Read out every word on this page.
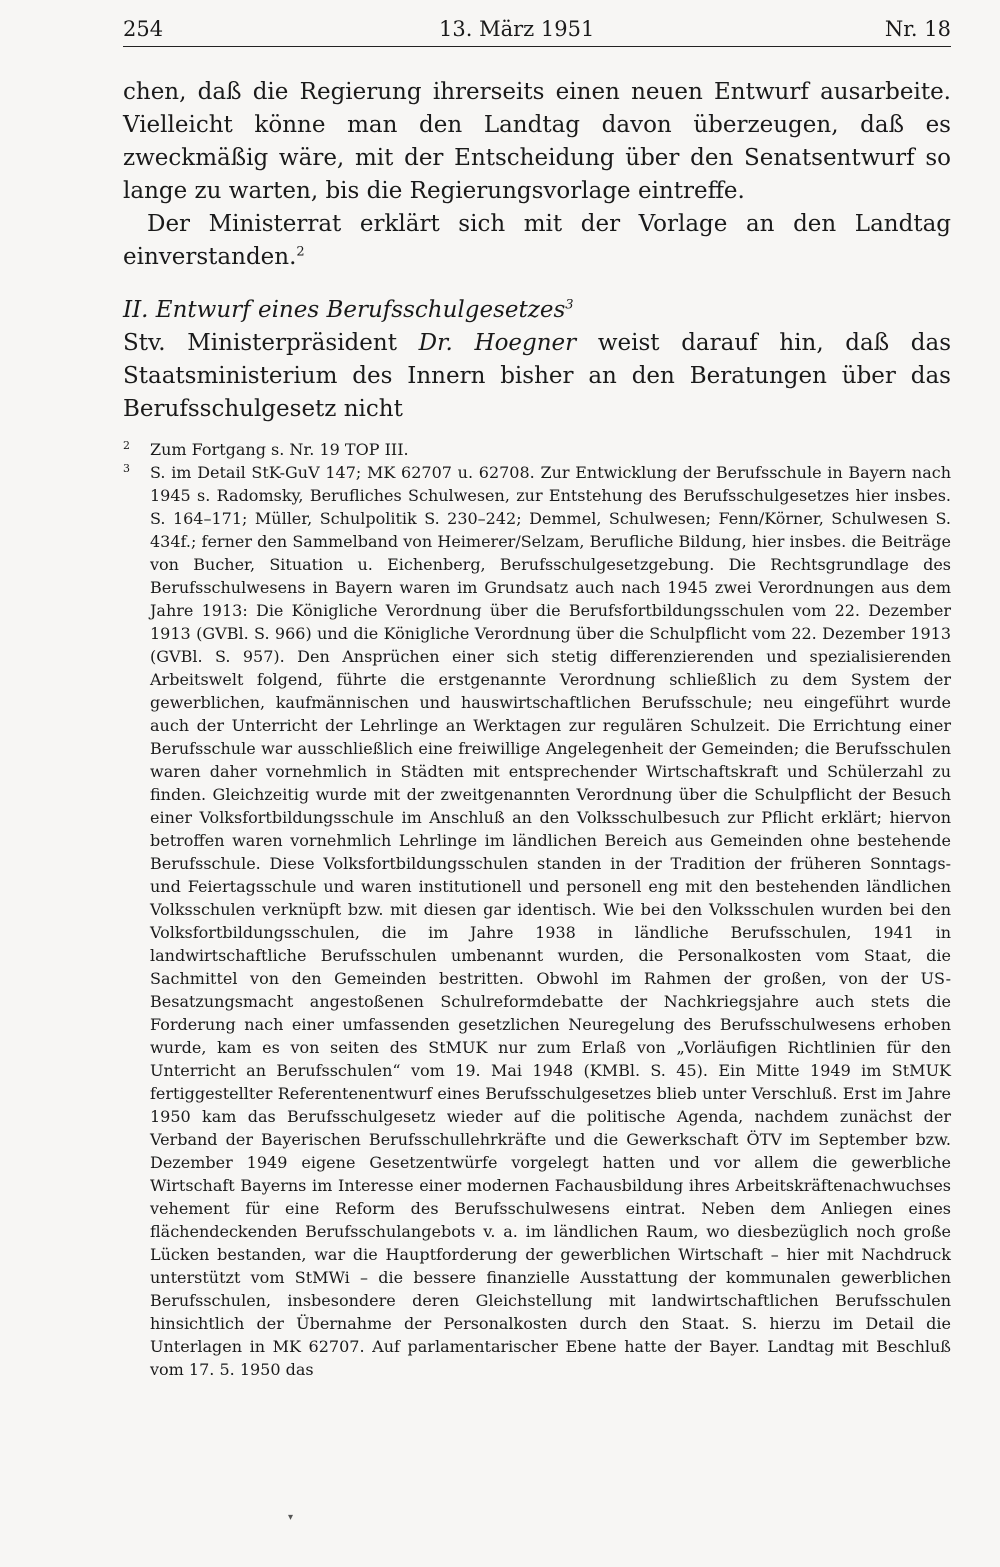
254	13. März 1951	Nr. 18

chen, daß die Regierung ihrerseits einen neuen Entwurf ausarbeite. Vielleicht könne man den Landtag davon überzeugen, daß es zweckmäßig wäre, mit der Entscheidung über den Senatsentwurf so lange zu warten, bis die Regierungsvorlage eintreffe.

Der Ministerrat erklärt sich mit der Vorlage an den Landtag einverstanden.$^2$

II. Entwurf eines Berufsschulgesetzes$^3$

Stv. Ministerpräsident Dr. Hoegner weist darauf hin, daß das Staatsministerium des Innern bisher an den Beratungen über das Berufsschulgesetz nicht

2 Zum Fortgang s. Nr. 19 TOP III.
3 S. im Detail StK-GuV 147; MK 62707 u. 62708. Zur Entwicklung der Berufsschule in Bayern nach 1945 s. Radomsky, Berufliches Schulwesen, zur Entstehung des Berufsschulgesetzes hier insbes. S. 164–171; Müller, Schulpolitik S. 230–242; Demmel, Schulwesen; Fenn/Körner, Schulwesen S. 434f.; ferner den Sammelband von Heimerer/Selzam, Berufliche Bildung, hier insbes. die Beiträge von Bucher, Situation u. Eichenberg, Berufsschulgesetzgebung. Die Rechtsgrundlage des Berufsschulwesens in Bayern waren im Grundsatz auch nach 1945 zwei Verordnungen aus dem Jahre 1913: Die Königliche Verordnung über die Berufsfortbildungsschulen vom 22. Dezember 1913 (GVBl. S. 966) und die Königliche Verordnung über die Schulpflicht vom 22. Dezember 1913 (GVBl. S. 957). Den Ansprüchen einer sich stetig differenzierenden und spezialisierenden Arbeitswelt folgend, führte die erstgenannte Verordnung schließlich zu dem System der gewerblichen, kaufmännischen und hauswirtschaftlichen Berufsschule; neu eingeführt wurde auch der Unterricht der Lehrlinge an Werktagen zur regulären Schulzeit. Die Errichtung einer Berufsschule war ausschließlich eine freiwillige Angelegenheit der Gemeinden; die Berufsschulen waren daher vornehmlich in Städten mit entsprechender Wirtschaftskraft und Schülerzahl zu finden. Gleichzeitig wurde mit der zweitgenannten Verordnung über die Schulpflicht der Besuch einer Volksfortbildungsschule im Anschluß an den Volksschulbesuch zur Pflicht erklärt; hiervon betroffen waren vornehmlich Lehrlinge im ländlichen Bereich aus Gemeinden ohne bestehende Berufsschule. Diese Volksfortbildungsschulen standen in der Tradition der früheren Sonntags- und Feiertagsschule und waren institutionell und personell eng mit den bestehenden ländlichen Volksschulen verknüpft bzw. mit diesen gar identisch. Wie bei den Volksschulen wurden bei den Volksfortbildungsschulen, die im Jahre 1938 in ländliche Berufsschulen, 1941 in landwirtschaftliche Berufsschulen umbenannt wurden, die Personalkosten vom Staat, die Sachmittel von den Gemeinden bestritten. Obwohl im Rahmen der großen, von der US-Besatzungsmacht angestoßenen Schulreformdebatte der Nachkriegsjahre auch stets die Forderung nach einer umfassenden gesetzlichen Neuregelung des Berufsschulwesens erhoben wurde, kam es von seiten des StMUK nur zum Erlaß von „Vorläufigen Richtlinien für den Unterricht an Berufsschulen“ vom 19. Mai 1948 (KMBl. S. 45). Ein Mitte 1949 im StMUK fertiggestellter Referentenentwurf eines Berufsschulgesetzes blieb unter Verschluß. Erst im Jahre 1950 kam das Berufsschulgesetz wieder auf die politische Agenda, nachdem zunächst der Verband der Bayerischen Berufsschullehrkräfte und die Gewerkschaft ÖTV im September bzw. Dezember 1949 eigene Gesetzentwürfe vorgelegt hatten und vor allem die gewerbliche Wirtschaft Bayerns im Interesse einer modernen Fachausbildung ihres Arbeitskräftenachwuchses vehement für eine Reform des Berufsschulwesens eintrat. Neben dem Anliegen eines flächendeckenden Berufsschulangebots v. a. im ländlichen Raum, wo diesbezüglich noch große Lücken bestanden, war die Hauptforderung der gewerblichen Wirtschaft – hier mit Nachdruck unterstützt vom StMWi – die bessere finanzielle Ausstattung der kommunalen gewerblichen Berufsschulen, insbesondere deren Gleichstellung mit landwirtschaftlichen Berufsschulen hinsichtlich der Übernahme der Personalkosten durch den Staat. S. hierzu im Detail die Unterlagen in MK 62707. Auf parlamentarischer Ebene hatte der Bayer. Landtag mit Beschluß vom 17. 5. 1950 das
▾
